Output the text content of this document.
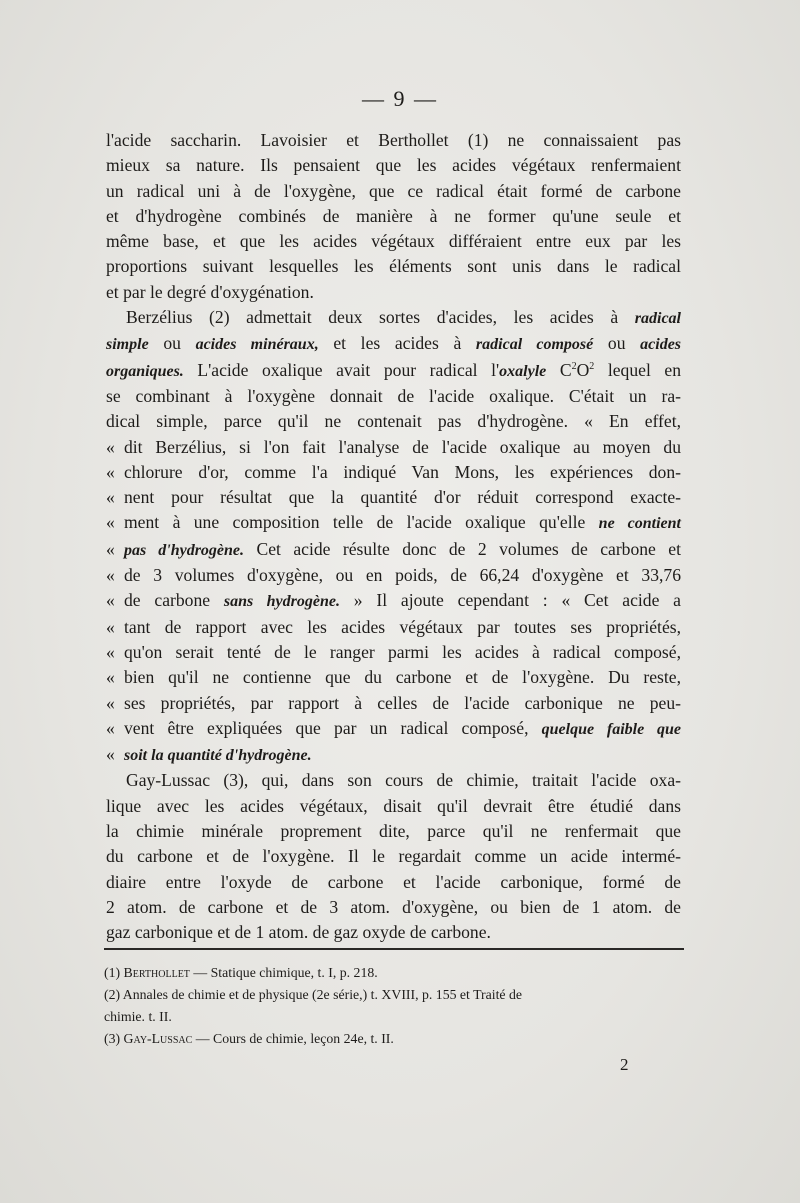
— 9 —

l'acide saccharin. Lavoisier et Berthollet (1) ne connaissaient pas
mieux sa nature. Ils pensaient que les acides végétaux renfermaient
un radical uni à de l'oxygène, que ce radical était formé de carbone
et d'hydrogène combinés de manière à ne former qu'une seule et
même base, et que les acides végétaux différaient entre eux par les
proportions suivant lesquelles les éléments sont unis dans le radical
et par le degré d'oxygénation.

Berzélius (2) admettait deux sortes d'acides, les acides à radical
simple ou acides minéraux, et les acides à radical composé ou acides
organiques. L'acide oxalique avait pour radical l'oxalyle $C^2O^2$ lequel en
se combinant à l'oxygène donnait de l'acide oxalique. C'était un ra-
dical simple, parce qu'il ne contenait pas d'hydrogène. « En effet,
« dit Berzélius, si l'on fait l'analyse de l'acide oxalique au moyen du
« chlorure d'or, comme l'a indiqué Van Mons, les expériences don-
« nent pour résultat que la quantité d'or réduit correspond exacte-
« ment à une composition telle de l'acide oxalique qu'elle ne contient
« pas d'hydrogène. Cet acide résulte donc de 2 volumes de carbone et
« de 3 volumes d'oxygène, ou en poids, de 66,24 d'oxygène et 33,76
« de carbone sans hydrogène. » Il ajoute cependant : « Cet acide a
« tant de rapport avec les acides végétaux par toutes ses propriétés,
« qu'on serait tenté de le ranger parmi les acides à radical composé,
« bien qu'il ne contienne que du carbone et de l'oxygène. Du reste,
« ses propriétés, par rapport à celles de l'acide carbonique ne peu-
« vent être expliquées que par un radical composé, quelque faible que
« soit la quantité d'hydrogène.

Gay-Lussac (3), qui, dans son cours de chimie, traitait l'acide oxa-
lique avec les acides végétaux, disait qu'il devrait être étudié dans
la chimie minérale proprement dite, parce qu'il ne renfermait que
du carbone et de l'oxygène. Il le regardait comme un acide intermé-
diaire entre l'oxyde de carbone et l'acide carbonique, formé de
2 atom. de carbone et de 3 atom. d'oxygène, ou bien de 1 atom. de
gaz carbonique et de 1 atom. de gaz oxyde de carbone.

(1) Berthollet — Statique chimique, t. I, p. 218.
(2) Annales de chimie et de physique (2e série,) t. XVIII, p. 155 et Traité de
chimie. t. II.
(3) Gay-Lussac — Cours de chimie, leçon 24e, t. II.
2
